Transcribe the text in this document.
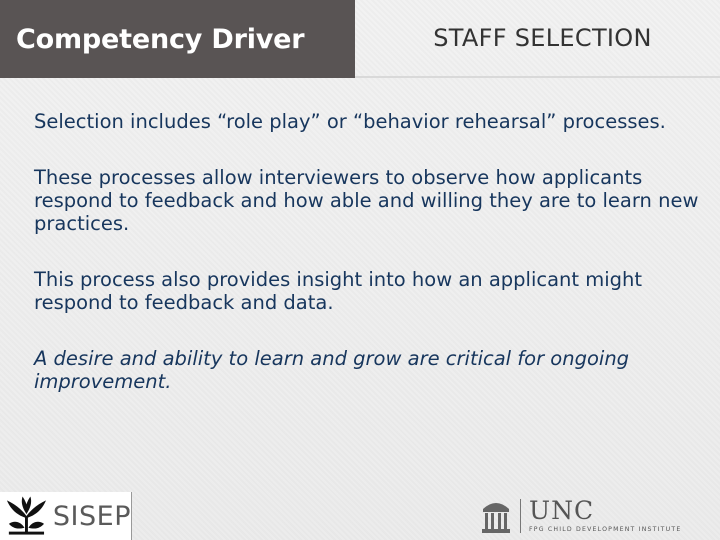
Competency Driver	STAFF SELECTION

Selection includes “role play” or “behavior rehearsal” processes.

These processes allow interviewers to observe how applicants respond to feedback and how able and willing they are to learn new practices.

This process also provides insight into how an applicant might respond to feedback and data.

A desire and ability to learn and grow are critical for ongoing improvement.

SISEP	UNC
FPG CHILD DEVELOPMENT INSTITUTE
